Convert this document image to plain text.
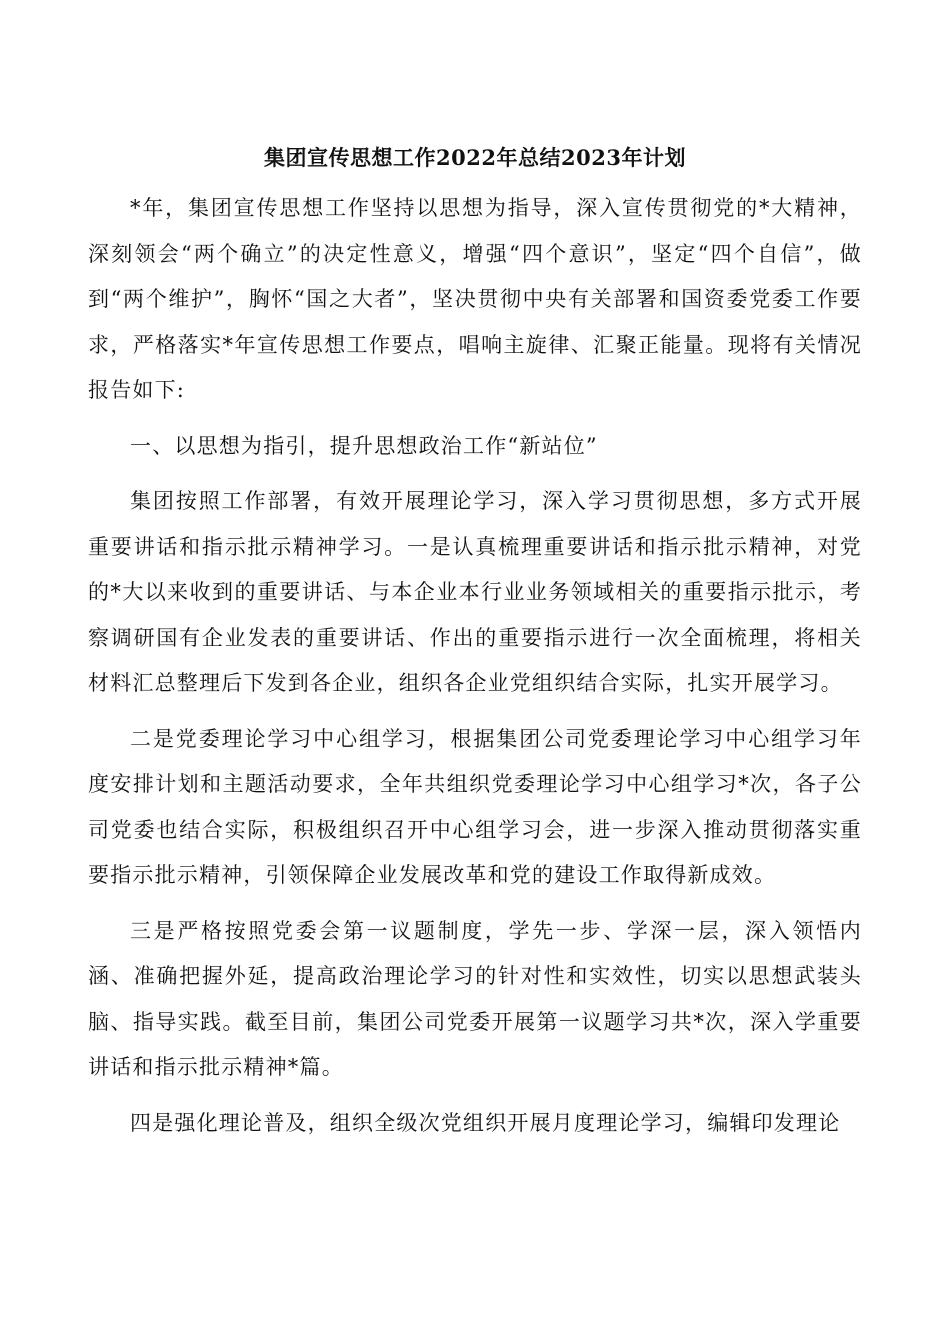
集团宣传思想工作2022年总结2023年计划

*年，集团宣传思想工作坚持以思想为指导，深入宣传贯彻党的*大精神，深刻领会“两个确立”的决定性意义，增强“四个意识”，坚定“四个自信”，做到“两个维护”，胸怀“国之大者”，坚决贯彻中央有关部署和国资委党委工作要求，严格落实*年宣传思想工作要点，唱响主旋律、汇聚正能量。现将有关情况报告如下:

一、以思想为指引，提升思想政治工作“新站位”

集团按照工作部署，有效开展理论学习，深入学习贯彻思想，多方式开展重要讲话和指示批示精神学习。一是认真梳理重要讲话和指示批示精神，对党的*大以来收到的重要讲话、与本企业本行业业务领域相关的重要指示批示，考察调研国有企业发表的重要讲话、作出的重要指示进行一次全面梳理，将相关材料汇总整理后下发到各企业，组织各企业党组织结合实际，扎实开展学习。

二是党委理论学习中心组学习，根据集团公司党委理论学习中心组学习年度安排计划和主题活动要求，全年共组织党委理论学习中心组学习*次，各子公司党委也结合实际，积极组织召开中心组学习会，进一步深入推动贯彻落实重要指示批示精神，引领保障企业发展改革和党的建设工作取得新成效。

三是严格按照党委会第一议题制度，学先一步、学深一层，深入领悟内涵、准确把握外延，提高政治理论学习的针对性和实效性，切实以思想武装头脑、指导实践。截至目前，集团公司党委开展第一议题学习共*次，深入学重要讲话和指示批示精神*篇。

四是强化理论普及，组织全级次党组织开展月度理论学习，编辑印发理论
